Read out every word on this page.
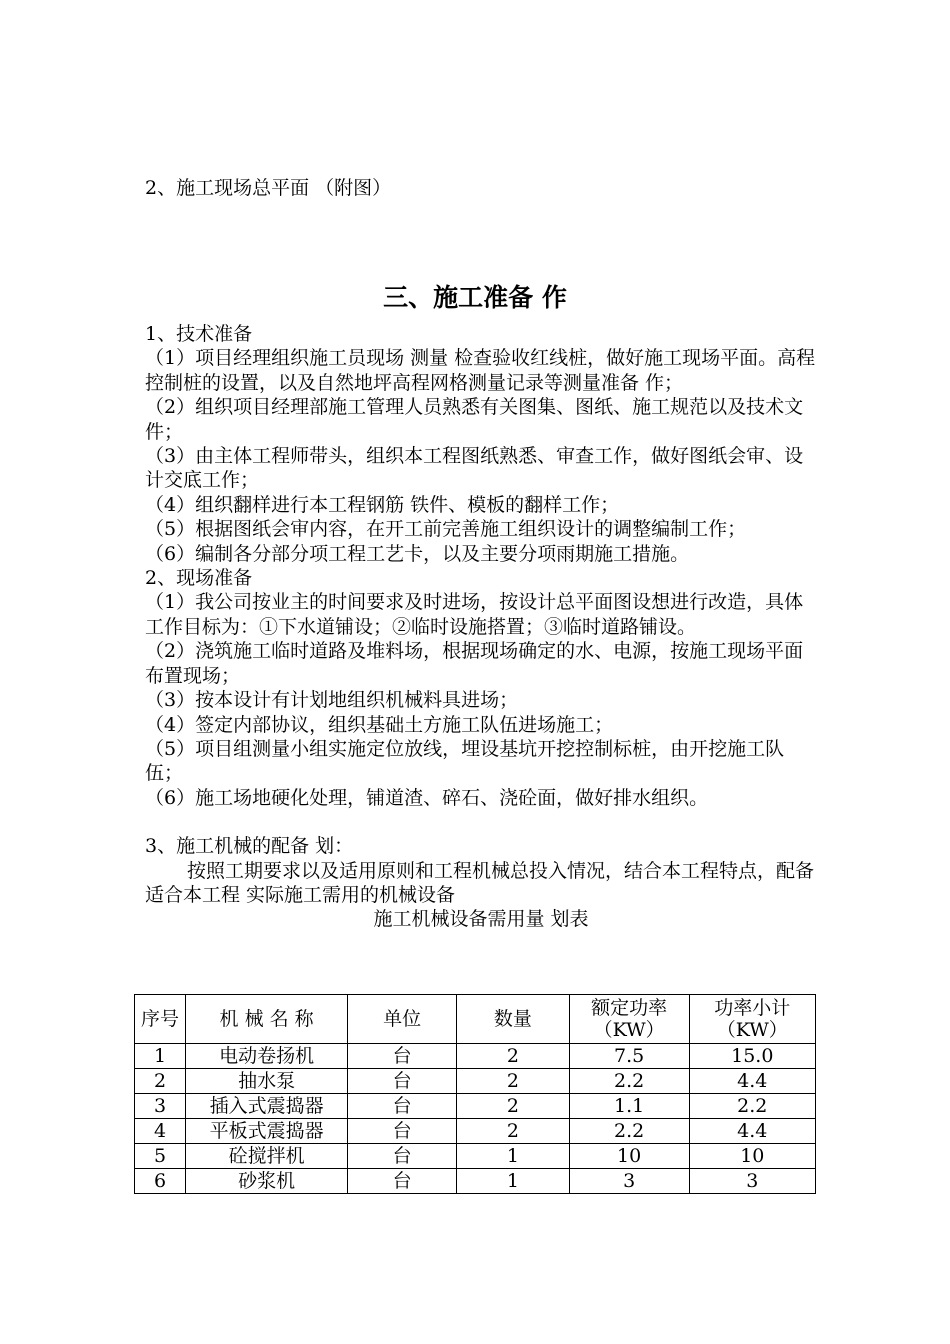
2、施工现场总平面 （附图）
三、施工准备 作

1、技术准备

（1）项目经理组织施工员现场 测量 检查验收红线桩，做好施工现场平面。高程控制桩的设置，以及自然地坪高程网格测量记录等测量准备 作；

（2）组织项目经理部施工管理人员熟悉有关图集、图纸、施工规范以及技术文件；

（3）由主体工程师带头，组织本工程图纸熟悉、审查工作，做好图纸会审、设计交底工作；

（4）组织翻样进行本工程钢筋 铁件、模板的翻样工作；

（5）根据图纸会审内容，在开工前完善施工组织设计的调整编制工作；

（6）编制各分部分项工程工艺卡，以及主要分项雨期施工措施。

2、现场准备

（1）我公司按业主的时间要求及时进场，按设计总平面图设想进行改造，具体工作目标为：①下水道铺设；②临时设施搭置；③临时道路铺设。

（2）浇筑施工临时道路及堆料场，根据现场确定的水、电源，按施工现场平面布置现场；

（3）按本设计有计划地组织机械料具进场；

（4）签定内部协议，组织基础土方施工队伍进场施工；

（5）项目组测量小组实施定位放线，埋设基坑开挖控制标桩，由开挖施工队伍；

（6）施工场地硬化处理，铺道渣、碎石、浇砼面，做好排水组织。

3、施工机械的配备 划：

按照工期要求以及适用原则和工程机械总投入情况，结合本工程特点，配备适合本工程 实际施工需用的机械设备

施工机械设备需用量 划表

序号	机 械 名 称	单位	数量	额定功率（KW）	功率小计（KW）
1	电动卷扬机	台	2	7.5	15.0
2	抽水泵	台	2	2.2	4.4
3	插入式震捣器	台	2	1.1	2.2
4	平板式震捣器	台	2	2.2	4.4
5	砼搅拌机	台	1	10	10
6	砂浆机	台	1	3	3
